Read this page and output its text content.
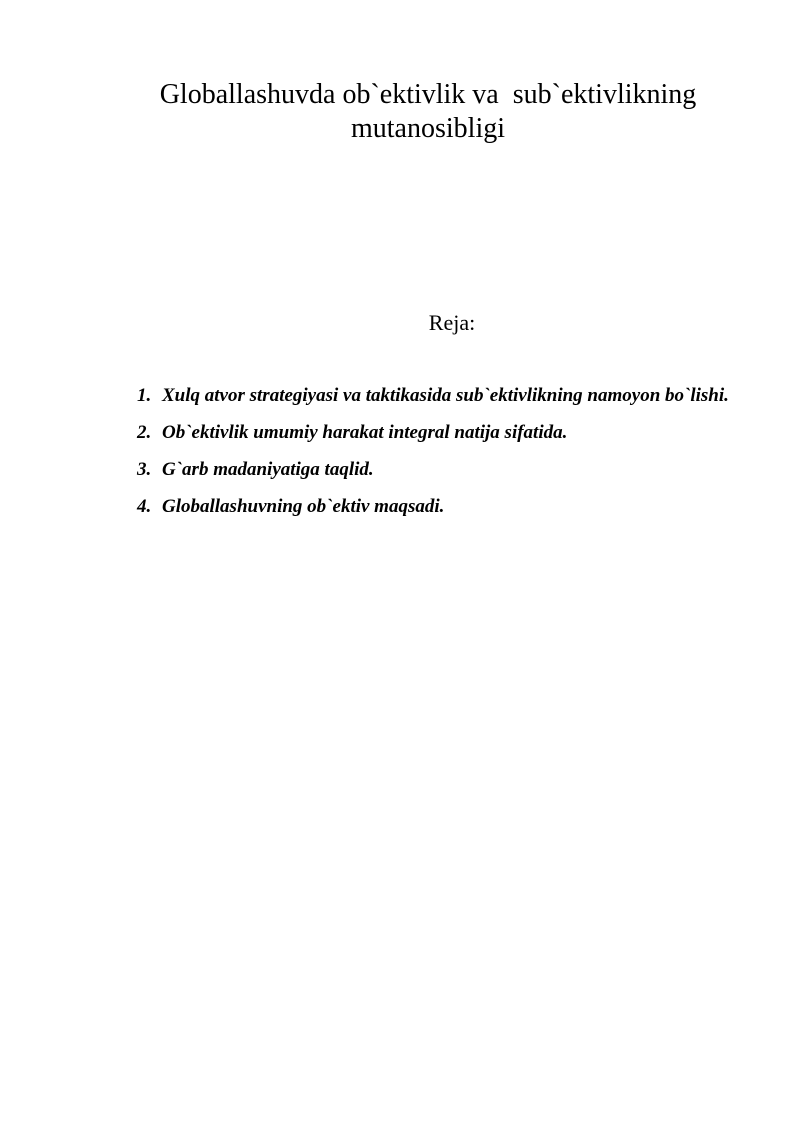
Globallashuvda ob`ektivlik va  sub`ektivlikning mutanosibligi

Reja:

1. Xulq atvor strategiyasi va taktikasida sub`ektivlikning namoyon bo`lishi.
2. Ob`ektivlik umumiy harakat integral natija sifatida.
3. G`arb madaniyatiga taqlid.
4. Globallashuvning ob`ektiv maqsadi.
